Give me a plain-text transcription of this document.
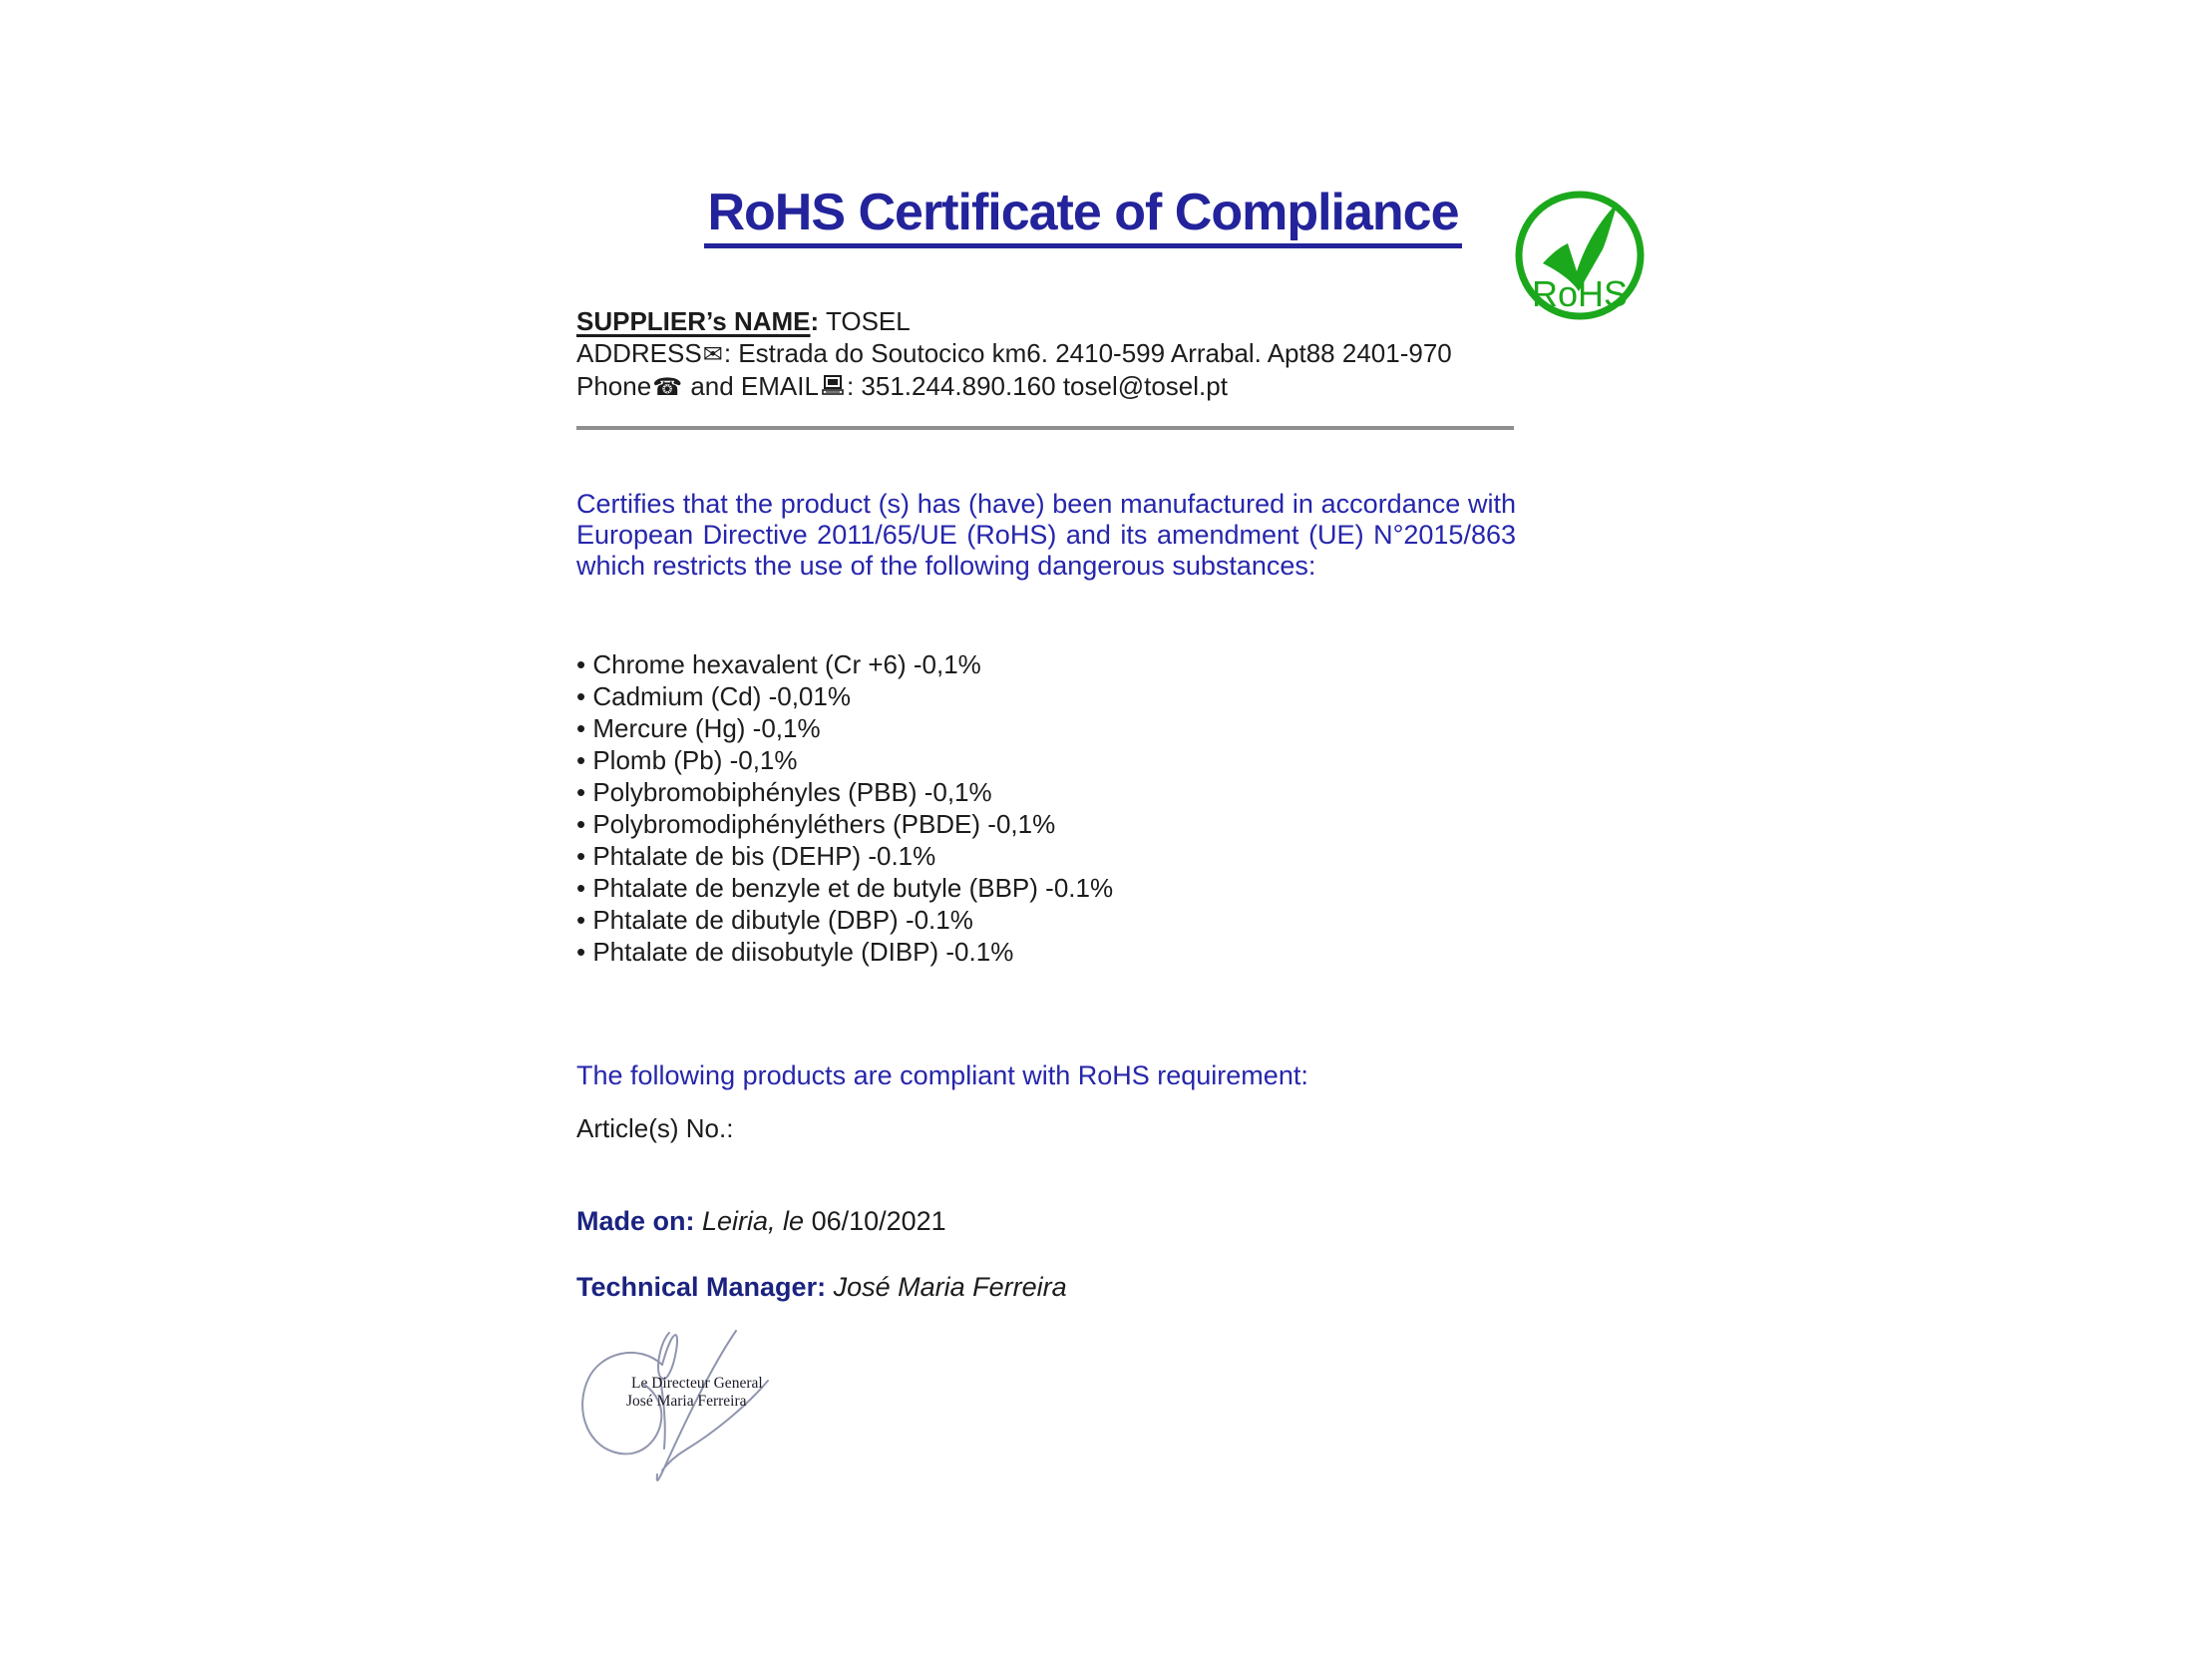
RoHS Certificate of Compliance
RoHS
SUPPLIER’s NAME: TOSEL
ADDRESS✉: Estrada do Soutocico km6. 2410-599 Arrabal. Apt88 2401-970
Phone☎ and EMAIL : 351.244.890.160 tosel@tosel.pt

Certifies that the product (s) has (have) been manufactured in accordance with European Directive 2011/65/UE (RoHS) and its amendment (UE) N°2015/863 which restricts the use of the following dangerous substances:

• Chrome hexavalent (Cr +6) -0,1%
• Cadmium (Cd) -0,01%
• Mercure (Hg) -0,1%
• Plomb (Pb) -0,1%
• Polybromobiphényles (PBB) -0,1%
• Polybromodiphényléthers (PBDE) -0,1%
• Phtalate de bis (DEHP) -0.1%
• Phtalate de benzyle et de butyle (BBP) -0.1%
• Phtalate de dibutyle (DBP) -0.1%
• Phtalate de diisobutyle (DIBP) -0.1%

The following products are compliant with RoHS requirement:

Article(s) No.:

Made on: Leiria, le 06/10/2021

Technical Manager: José Maria Ferreira

Le Directeur General
José Maria Ferreira
